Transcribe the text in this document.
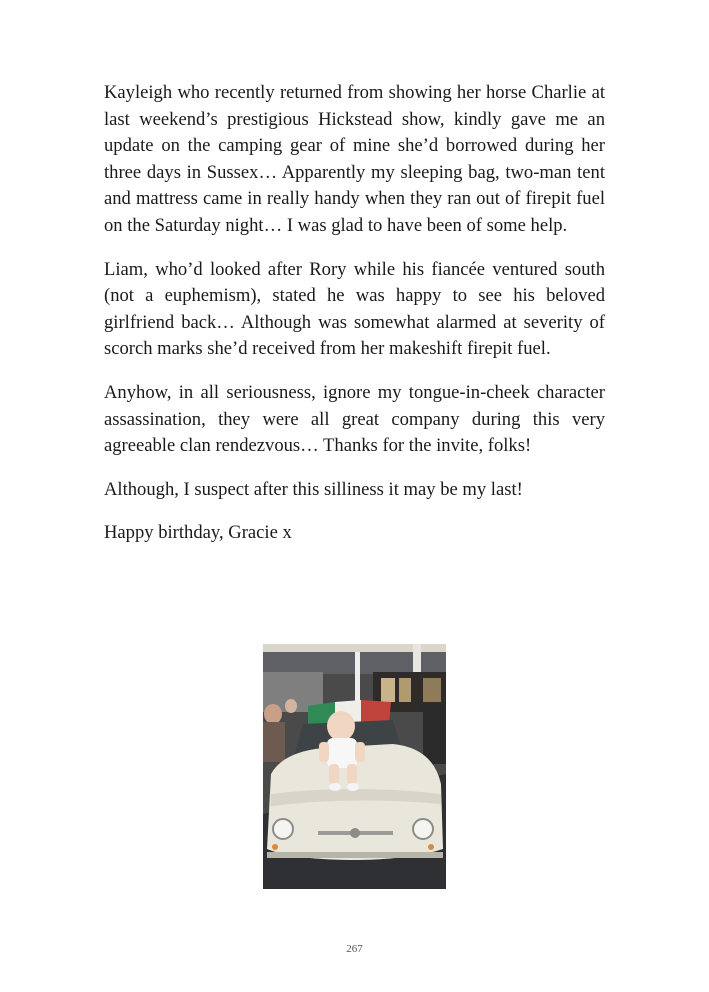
Kayleigh who recently returned from showing her horse Charlie at last weekend’s prestigious Hickstead show, kindly gave me an update on the camping gear of mine she’d borrowed during her three days in Sussex… Apparently my sleeping bag, two-man tent and mattress came in really handy when they ran out of firepit fuel on the Saturday night… I was glad to have been of some help.

Liam, who’d looked after Rory while his fiancée ventured south (not a euphemism), stated he was happy to see his beloved girlfriend back… Although was somewhat alarmed at severity of scorch marks she’d received from her makeshift firepit fuel.

Anyhow, in all seriousness, ignore my tongue-in-cheek character assassination, they were all great company during this very agreeable clan rendezvous… Thanks for the invite, folks!

Although, I suspect after this silliness it may be my last!

Happy birthday, Gracie x

267
